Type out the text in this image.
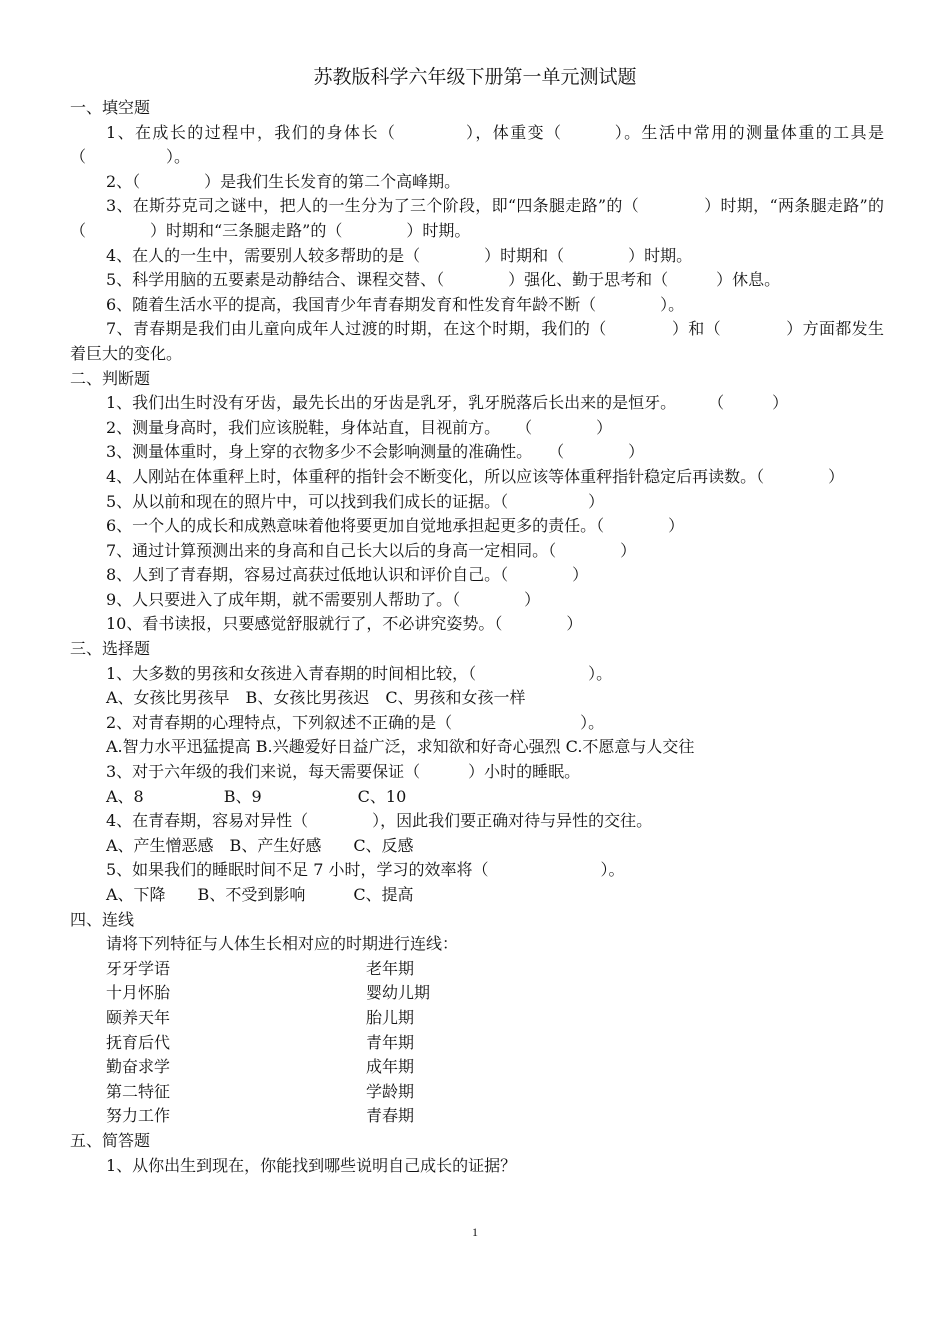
苏教版科学六年级下册第一单元测试题

一、填空题

1、在成长的过程中，我们的身体长（　　　　），体重变（　　　）。生活中常用的测量体重的工具是（　　　　　）。

2、（　　　　）是我们生长发育的第二个高峰期。

3、在斯芬克司之谜中，把人的一生分为了三个阶段，即“四条腿走路”的（　　　　）时期，“两条腿走路”的（　　　　）时期和“三条腿走路”的（　　　　）时期。

4、在人的一生中，需要别人较多帮助的是（　　　　）时期和（　　　　）时期。

5、科学用脑的五要素是动静结合、课程交替、（　　　　）强化、勤于思考和（　　　）休息。

6、随着生活水平的提高，我国青少年青春期发育和性发育年龄不断（　　　　）。

7、青春期是我们由儿童向成年人过渡的时期，在这个时期，我们的（　　　　）和（　　　　）方面都发生着巨大的变化。

二、判断题

1、我们出生时没有牙齿，最先长出的牙齿是乳牙，乳牙脱落后长出来的是恒牙。　　　（　　　）

2、测量身高时，我们应该脱鞋，身体站直，目视前方。　　（　　　　）

3、测量体重时，身上穿的衣物多少不会影响测量的准确性。　　（　　　　）

4、人刚站在体重秤上时，体重秤的指针会不断变化，所以应该等体重秤指针稳定后再读数。（　　　　）

5、从以前和现在的照片中，可以找到我们成长的证据。（　　　　　）

6、一个人的成长和成熟意味着他将要更加自觉地承担起更多的责任。（　　　　）

7、通过计算预测出来的身高和自己长大以后的身高一定相同。（　　　　）

8、人到了青春期，容易过高获过低地认识和评价自己。（　　　　）

9、人只要进入了成年期，就不需要别人帮助了。（　　　　）

10、看书读报，只要感觉舒服就行了，不必讲究姿势。（　　　　）

三、选择题

1、大多数的男孩和女孩进入青春期的时间相比较，（　　　　　　　）。

A、女孩比男孩早　B、女孩比男孩迟　C、男孩和女孩一样

2、对青春期的心理特点，下列叙述不正确的是（　　　　　　　　）。

A.智力水平迅猛提高 B.兴趣爱好日益广泛，求知欲和好奇心强烈 C.不愿意与人交往

3、对于六年级的我们来说，每天需要保证（　　　）小时的睡眠。

A、8　　　　　B、9　　　　　　C、10

4、在青春期，容易对异性（　　　　），因此我们要正确对待与异性的交往。

A、产生憎恶感　B、产生好感　　C、反感

5、如果我们的睡眠时间不足 7 小时，学习的效率将（　　　　　　　）。

A、下降　　B、不受到影响　　　C、提高

四、连线

请将下列特征与人体生长相对应的时期进行连线：

牙牙学语	老年期
十月怀胎	婴幼儿期
颐养天年	胎儿期
抚育后代	青年期
勤奋求学	成年期
第二特征	学龄期
努力工作	青春期

五、简答题

1、从你出生到现在，你能找到哪些说明自己成长的证据？

1
